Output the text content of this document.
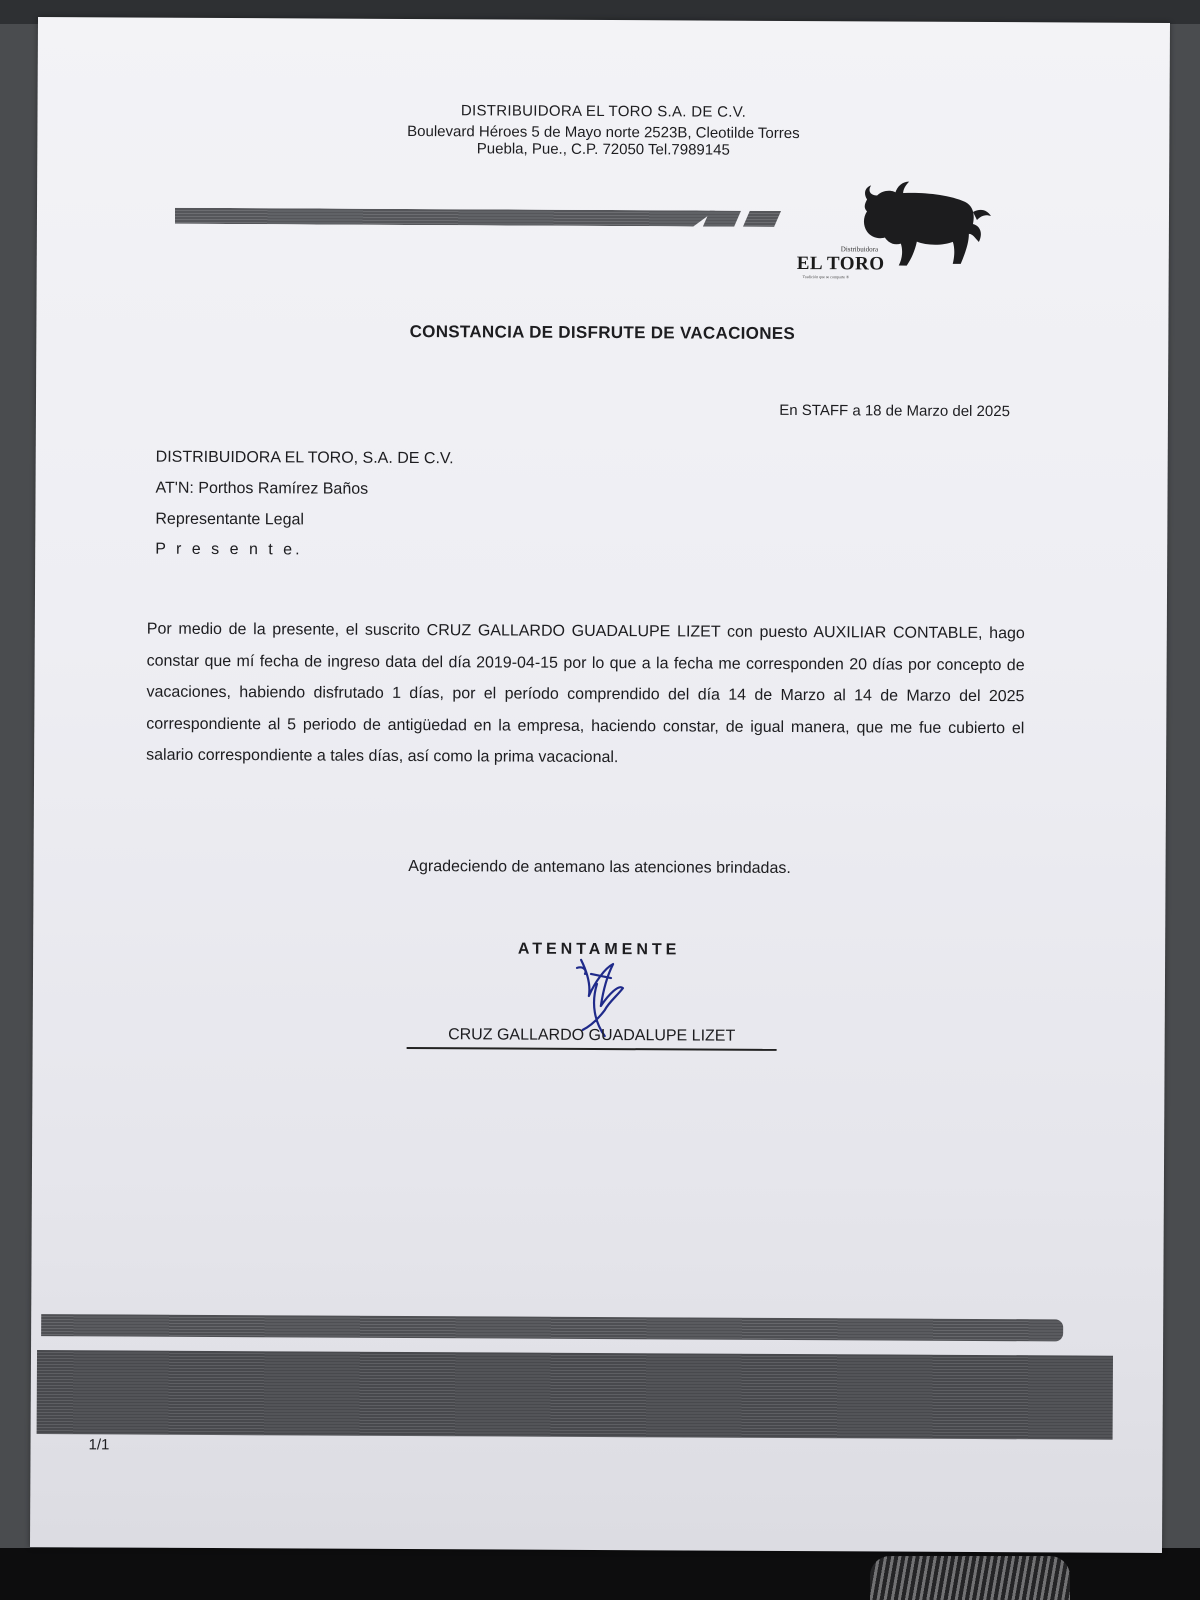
DISTRIBUIDORA EL TORO S.A. DE C.V.
Boulevard Héroes 5 de Mayo norte 2523B, Cleotilde Torres
Puebla, Pue., C.P. 72050 Tel.7989145
Distribuidora
EL TORO
Tradición que se comparte ®
CONSTANCIA DE DISFRUTE DE VACACIONES
En STAFF a 18 de Marzo del 2025
DISTRIBUIDORA EL TORO, S.A. DE C.V.
AT'N: Porthos Ramírez Baños
Representante Legal
P r e s e n t e.
Por medio de la presente, el suscrito CRUZ GALLARDO GUADALUPE LIZET con puesto AUXILIAR CONTABLE, hago constar que mí fecha de ingreso data del día 2019-04-15 por lo que a la fecha me corresponden 20 días por concepto de vacaciones, habiendo disfrutado 1 días, por el período comprendido del día 14 de Marzo al 14 de Marzo del 2025 correspondiente al 5 periodo de antigüedad en la empresa, haciendo constar, de igual manera, que me fue cubierto el salario correspondiente a tales días, así como la prima vacacional.
Agradeciendo de antemano las atenciones brindadas.
ATENTAMENTE
CRUZ GALLARDO GUADALUPE LIZET
1/1
